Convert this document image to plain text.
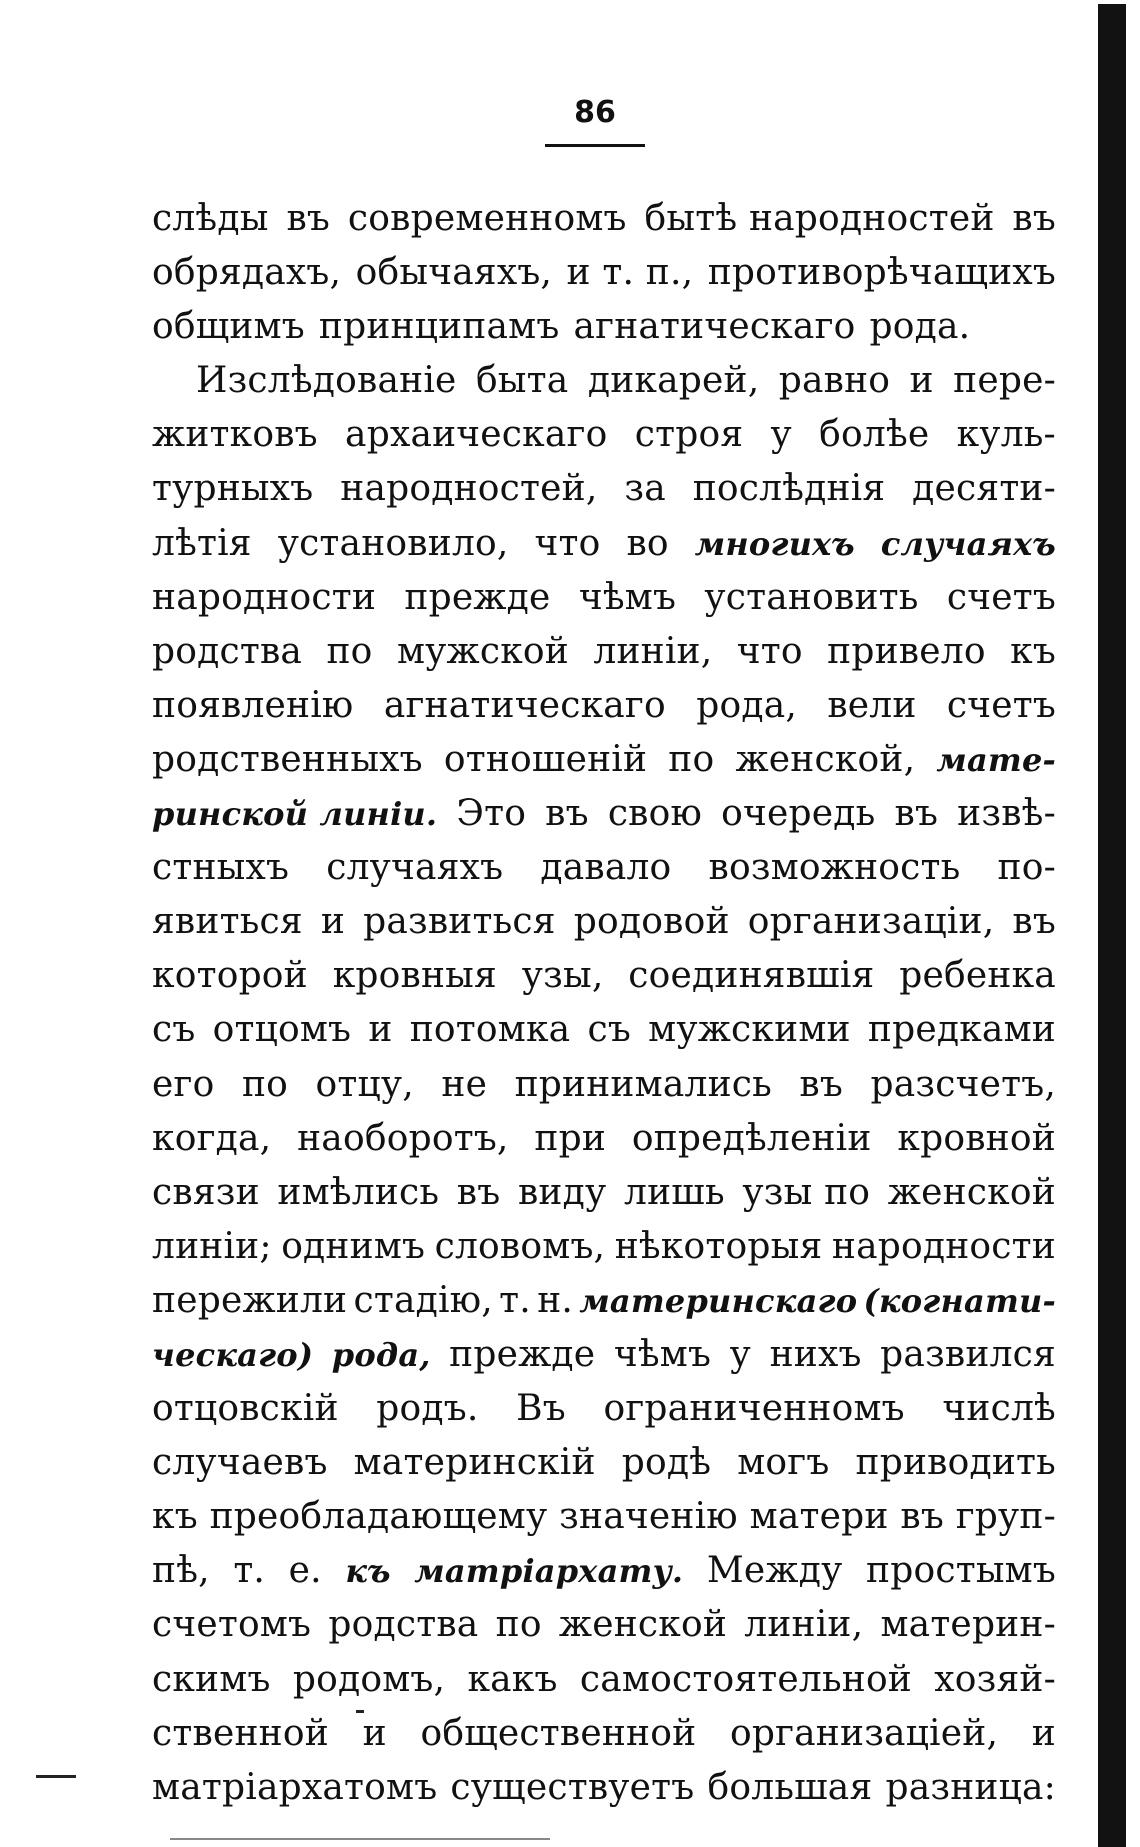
86
слѣды въ современномъ бытѣ народностей въ
обрядахъ, обычаяхъ, и т. п., противорѣчащихъ
общимъ принципамъ агнатическаго рода.
Изслѣдованіе быта дикарей, равно и пере-
житковъ архаическаго строя у болѣе куль-
турныхъ народностей, за послѣднія десяти-
лѣтія установило, что во многихъ случаяхъ
народности прежде чѣмъ установить счетъ
родства по мужской линіи, что привело къ
появленію агнатическаго рода, вели счетъ
родственныхъ отношеній по женской, мате-
ринской линіи. Это въ свою очередь въ извѣ-
стныхъ случаяхъ давало возможность по-
явиться и развиться родовой организаціи, въ
которой кровныя узы, соединявшія ребенка
съ отцомъ и потомка съ мужскими предками
его по отцу, не принимались въ разсчетъ,
когда, наоборотъ, при опредѣленіи кровной
связи имѣлись въ виду лишь узы по женской
линіи; однимъ словомъ, нѣкоторыя народности
пережили стадію, т. н. материнскаго (когнати-
ческаго) рода, прежде чѣмъ у нихъ развился
отцовскій родъ. Въ ограниченномъ числѣ
случаевъ материнскій родѣ могъ приводить
къ преобладающему значенію матери въ груп-
пѣ, т. е. къ матріархату. Между простымъ
счетомъ родства по женской линіи, материн-
скимъ родомъ, какъ самостоятельной хозяй-
ственной и общественной организаціей, и
матріархатомъ существуетъ большая разница:
